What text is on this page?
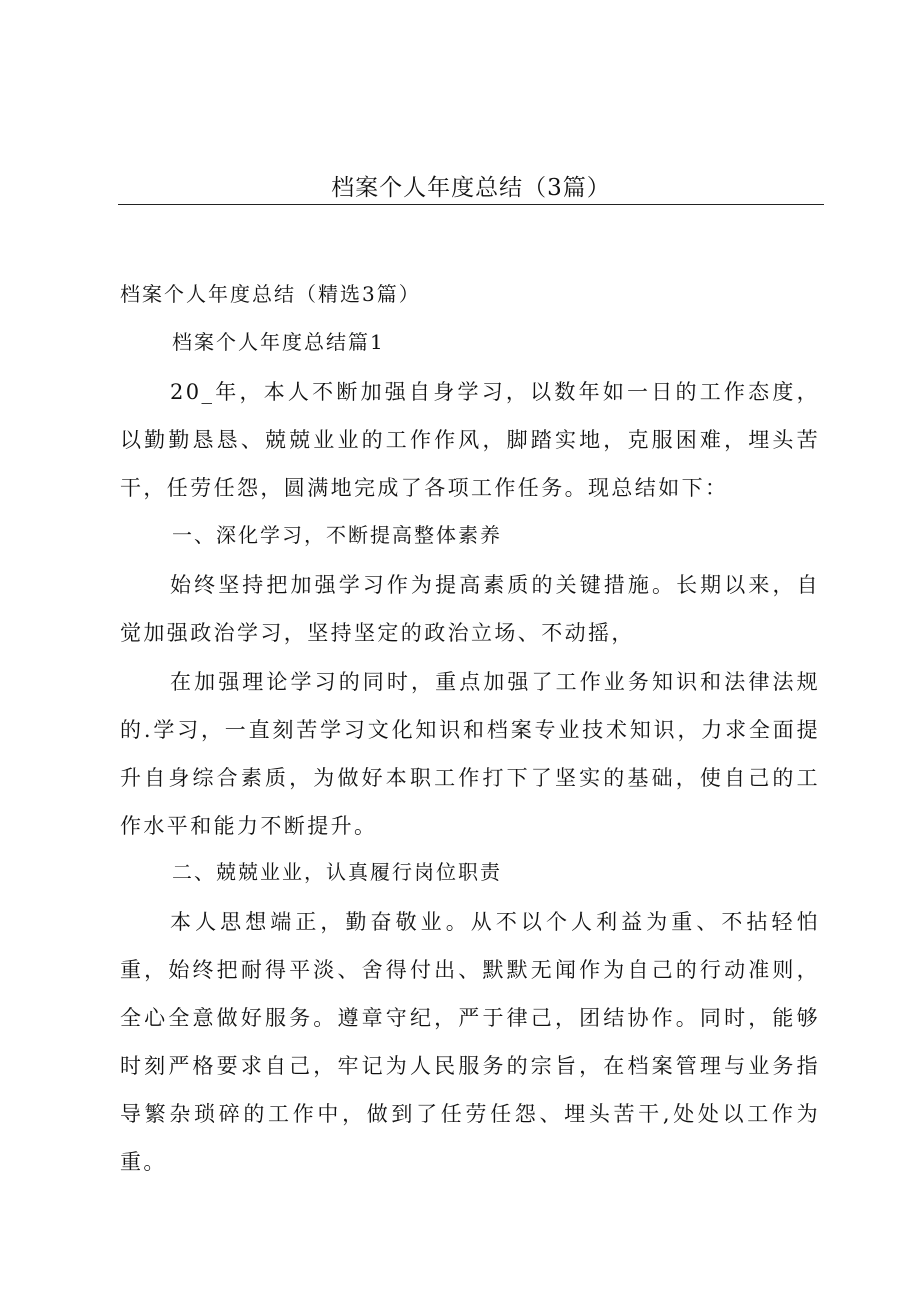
档案个人年度总结（3篇）
档案个人年度总结（精选3篇）
档案个人年度总结篇1

20_年，本人不断加强自身学习，以数年如一日的工作态度，以勤勤恳恳、兢兢业业的工作作风，脚踏实地，克服困难，埋头苦干，任劳任怨，圆满地完成了各项工作任务。现总结如下：

一、深化学习，不断提高整体素养

始终坚持把加强学习作为提高素质的关键措施。长期以来，自觉加强政治学习，坚持坚定的政治立场、不动摇，

在加强理论学习的同时，重点加强了工作业务知识和法律法规的.学习，一直刻苦学习文化知识和档案专业技术知识，力求全面提升自身综合素质，为做好本职工作打下了坚实的基础，使自己的工作水平和能力不断提升。

二、兢兢业业，认真履行岗位职责

本人思想端正，勤奋敬业。从不以个人利益为重、不拈轻怕重，始终把耐得平淡、舍得付出、默默无闻作为自己的行动准则，全心全意做好服务。遵章守纪，严于律己，团结协作。同时，能够时刻严格要求自己，牢记为人民服务的宗旨，在档案管理与业务指导繁杂琐碎的工作中，做到了任劳任怨、埋头苦干,处处以工作为重。
